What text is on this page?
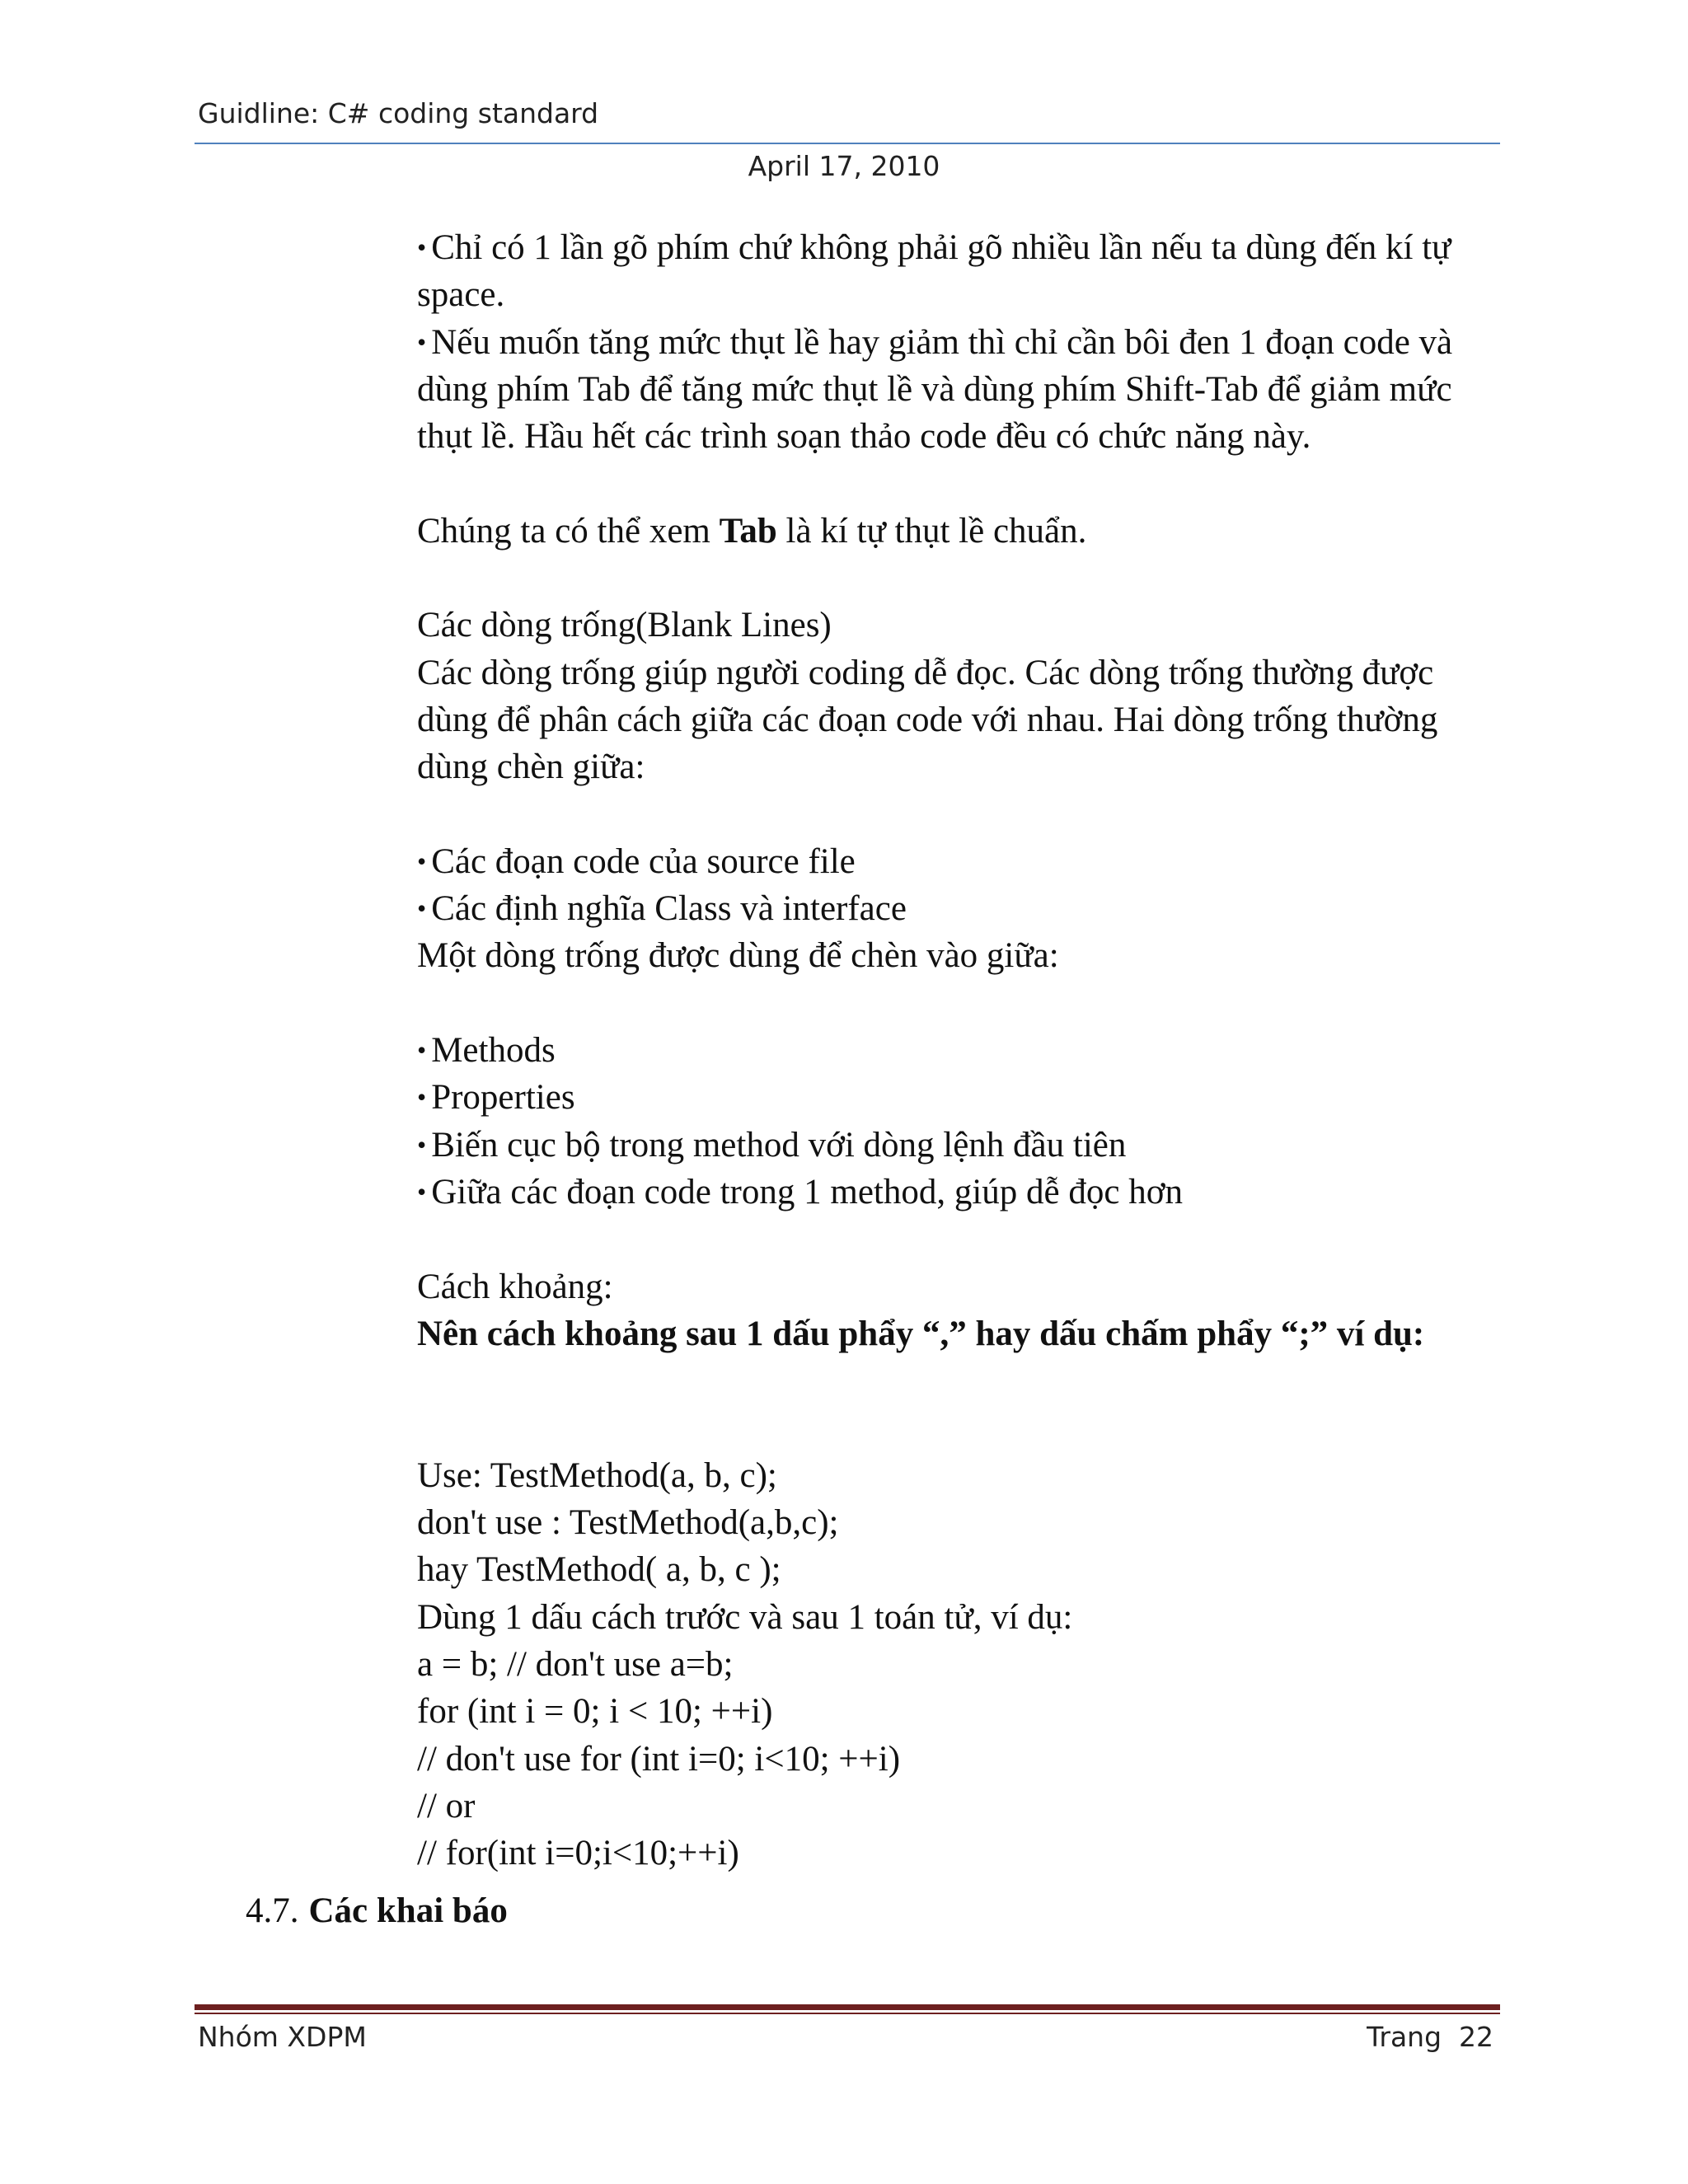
Guidline: C# coding standard
April 17, 2010
• Chỉ có 1 lần gõ phím chứ không phải gõ nhiều lần nếu ta dùng đến kí tự
space.
• Nếu muốn tăng mức thụt lề hay giảm thì chỉ cần bôi đen 1 đoạn code và
dùng phím Tab để tăng mức thụt lề và dùng phím Shift-Tab để giảm mức
thụt lề. Hầu hết các trình soạn thảo code đều có chức năng này.
Chúng ta có thể xem Tab là kí tự thụt lề chuẩn.
Các dòng trống(Blank Lines)
Các dòng trống giúp người coding dễ đọc. Các dòng trống thường được
dùng để phân cách giữa các đoạn code với nhau. Hai dòng trống thường
dùng chèn giữa:
• Các đoạn code của source file
• Các định nghĩa Class và interface
Một dòng trống được dùng để chèn vào giữa:
• Methods
• Properties
• Biến cục bộ trong method với dòng lệnh đầu tiên
• Giữa các đoạn code trong 1 method, giúp dễ đọc hơn
Cách khoảng:
Nên cách khoảng sau 1 dấu phẩy “,” hay dấu chấm phẩy “;” ví dụ:
Use: TestMethod(a, b, c);
don't use : TestMethod(a,b,c);
hay TestMethod( a, b, c );
Dùng 1 dấu cách trước và sau 1 toán tử, ví dụ:
a = b; // don't use a=b;
for (int i = 0; i < 10; ++i)
// don't use for (int i=0; i<10; ++i)
// or
// for(int i=0;i<10;++i)
4.7. Các khai báo
Nhóm XDPM	Trang  22
